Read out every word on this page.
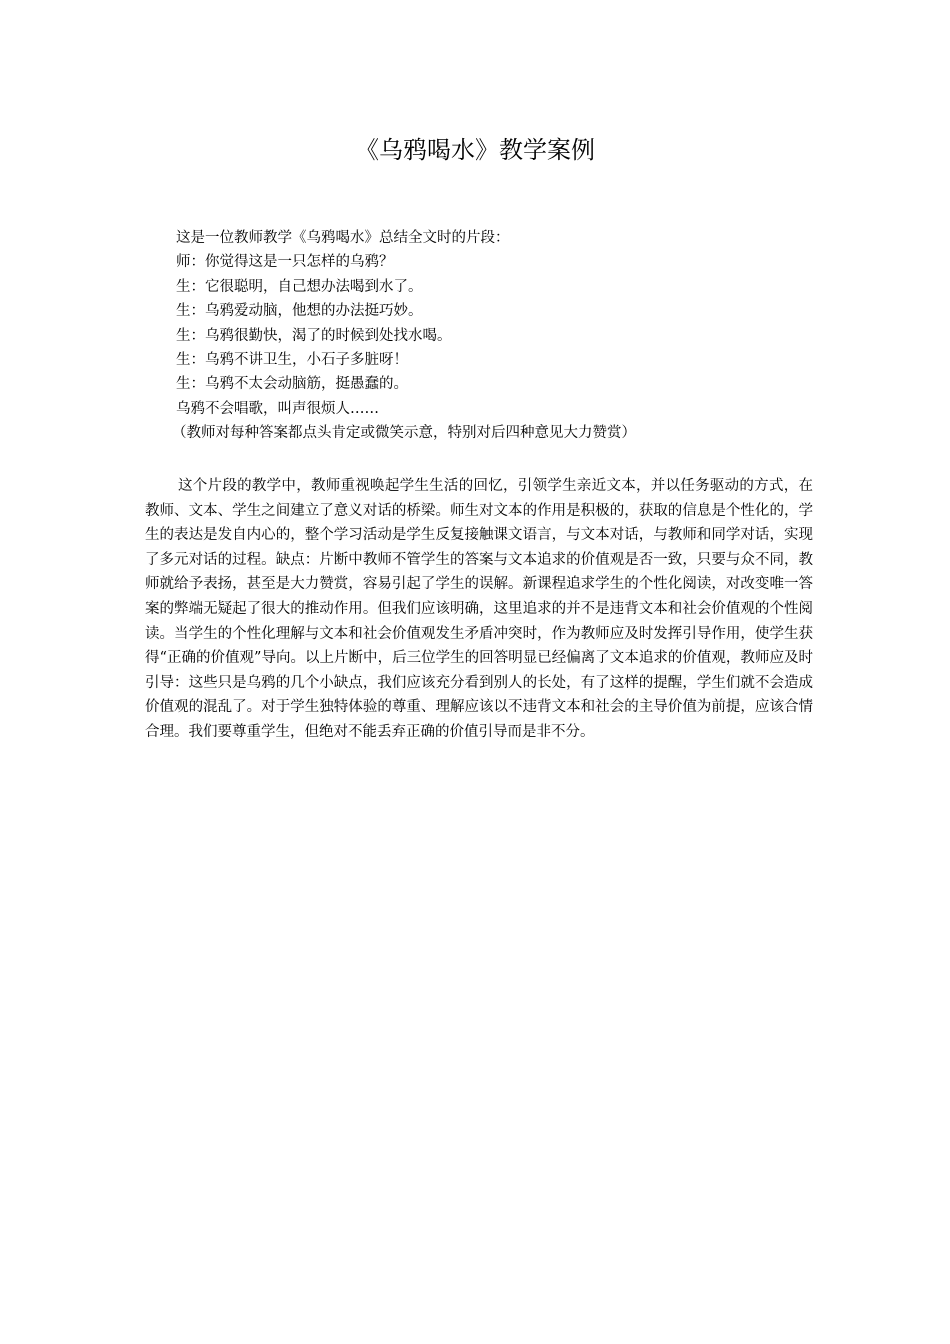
《乌鸦喝水》教学案例
这是一位教师教学《乌鸦喝水》总结全文时的片段：
师：你觉得这是一只怎样的乌鸦？
生：它很聪明，自己想办法喝到水了。
生：乌鸦爱动脑，他想的办法挺巧妙。
生：乌鸦很勤快，渴了的时候到处找水喝。
生：乌鸦不讲卫生，小石子多脏呀！
生：乌鸦不太会动脑筋，挺愚蠢的。
乌鸦不会唱歌，叫声很烦人……
（教师对每种答案都点头肯定或微笑示意，特别对后四种意见大力赞赏）

这个片段的教学中，教师重视唤起学生生活的回忆，引领学生亲近文本，并以任务驱动的方式，在教师、文本、学生之间建立了意义对话的桥梁。师生对文本的作用是积极的，获取的信息是个性化的，学生的表达是发自内心的，整个学习活动是学生反复接触课文语言，与文本对话，与教师和同学对话，实现了多元对话的过程。缺点：片断中教师不管学生的答案与文本追求的价值观是否一致，只要与众不同，教师就给予表扬，甚至是大力赞赏，容易引起了学生的误解。新课程追求学生的个性化阅读，对改变唯一答案的弊端无疑起了很大的推动作用。但我们应该明确，这里追求的并不是违背文本和社会价值观的个性阅读。当学生的个性化理解与文本和社会价值观发生矛盾冲突时，作为教师应及时发挥引导作用，使学生获得“正确的价值观”导向。以上片断中，后三位学生的回答明显已经偏离了文本追求的价值观，教师应及时引导：这些只是乌鸦的几个小缺点，我们应该充分看到别人的长处，有了这样的提醒，学生们就不会造成价值观的混乱了。对于学生独特体验的尊重、理解应该以不违背文本和社会的主导价值为前提，应该合情合理。我们要尊重学生，但绝对不能丢弃正确的价值引导而是非不分。
